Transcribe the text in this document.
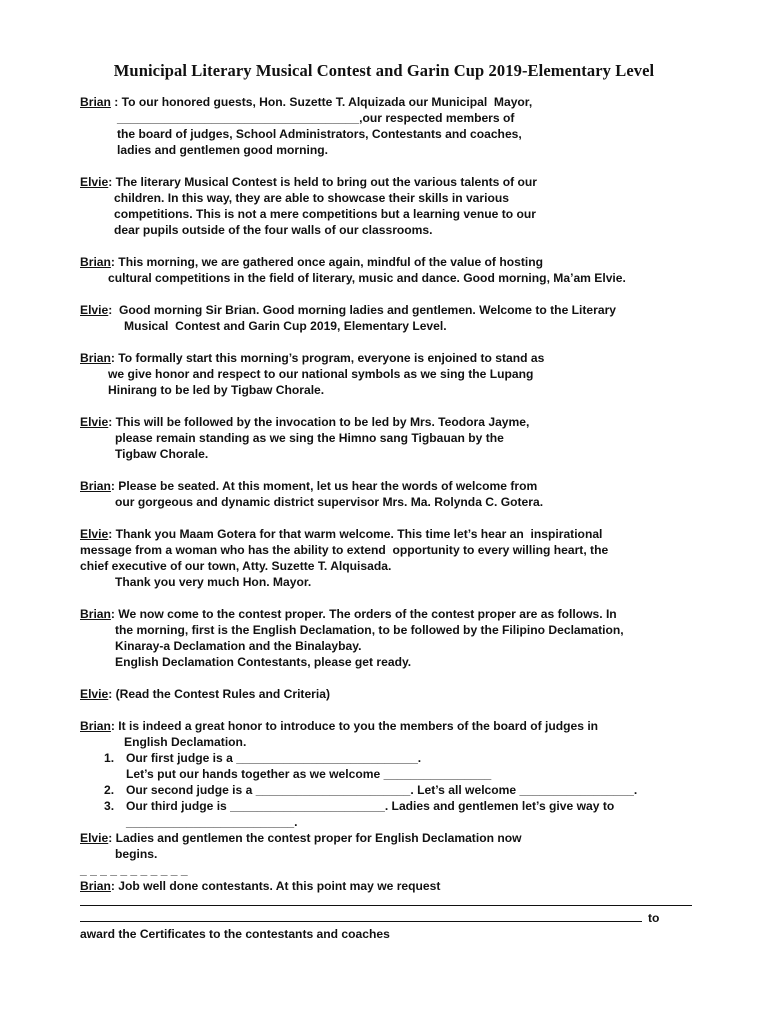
Municipal Literary Musical Contest and Garin Cup 2019-Elementary Level
Brian : To our honored guests, Hon. Suzette T. Alquizada our Municipal  Mayor,
____________________________________,our respected members of
the board of judges, School Administrators, Contestants and coaches,
ladies and gentlemen good morning.
Elvie: The literary Musical Contest is held to bring out the various talents of our
children. In this way, they are able to showcase their skills in various
competitions. This is not a mere competitions but a learning venue to our
dear pupils outside of the four walls of our classrooms.
Brian: This morning, we are gathered once again, mindful of the value of hosting
cultural competitions in the field of literary, music and dance. Good morning, Ma’am Elvie.
Elvie:  Good morning Sir Brian. Good morning ladies and gentlemen. Welcome to the Literary
Musical  Contest and Garin Cup 2019, Elementary Level.
Brian: To formally start this morning’s program, everyone is enjoined to stand as
we give honor and respect to our national symbols as we sing the Lupang
Hinirang to be led by Tigbaw Chorale.
Elvie: This will be followed by the invocation to be led by Mrs. Teodora Jayme,
please remain standing as we sing the Himno sang Tigbauan by the
Tigbaw Chorale.
Brian: Please be seated. At this moment, let us hear the words of welcome from
our gorgeous and dynamic district supervisor Mrs. Ma. Rolynda C. Gotera.
Elvie: Thank you Maam Gotera for that warm welcome. This time let’s hear an  inspirational
message from a woman who has the ability to extend  opportunity to every willing heart, the
chief executive of our town, Atty. Suzette T. Alquisada.
Thank you very much Hon. Mayor.
Brian: We now come to the contest proper. The orders of the contest proper are as follows. In
the morning, first is the English Declamation, to be followed by the Filipino Declamation,
Kinaray-a Declamation and the Binalaybay.
English Declamation Contestants, please get ready.
Elvie: (Read the Contest Rules and Criteria)
Brian: It is indeed a great honor to introduce to you the members of the board of judges in
English Declamation.
1. Our first judge is a ___________________________.
Let’s put our hands together as we welcome ________________
2. Our second judge is a _______________________. Let’s all welcome _________________.
3. Our third judge is _______________________. Ladies and gentlemen let’s give way to
_________________________.
Elvie: Ladies and gentlemen the contest proper for English Declamation now
begins.
_ _ _ _ _ _ _ _ _ _ _
Brian: Job well done contestants. At this point may we request
to
award the Certificates to the contestants and coaches
